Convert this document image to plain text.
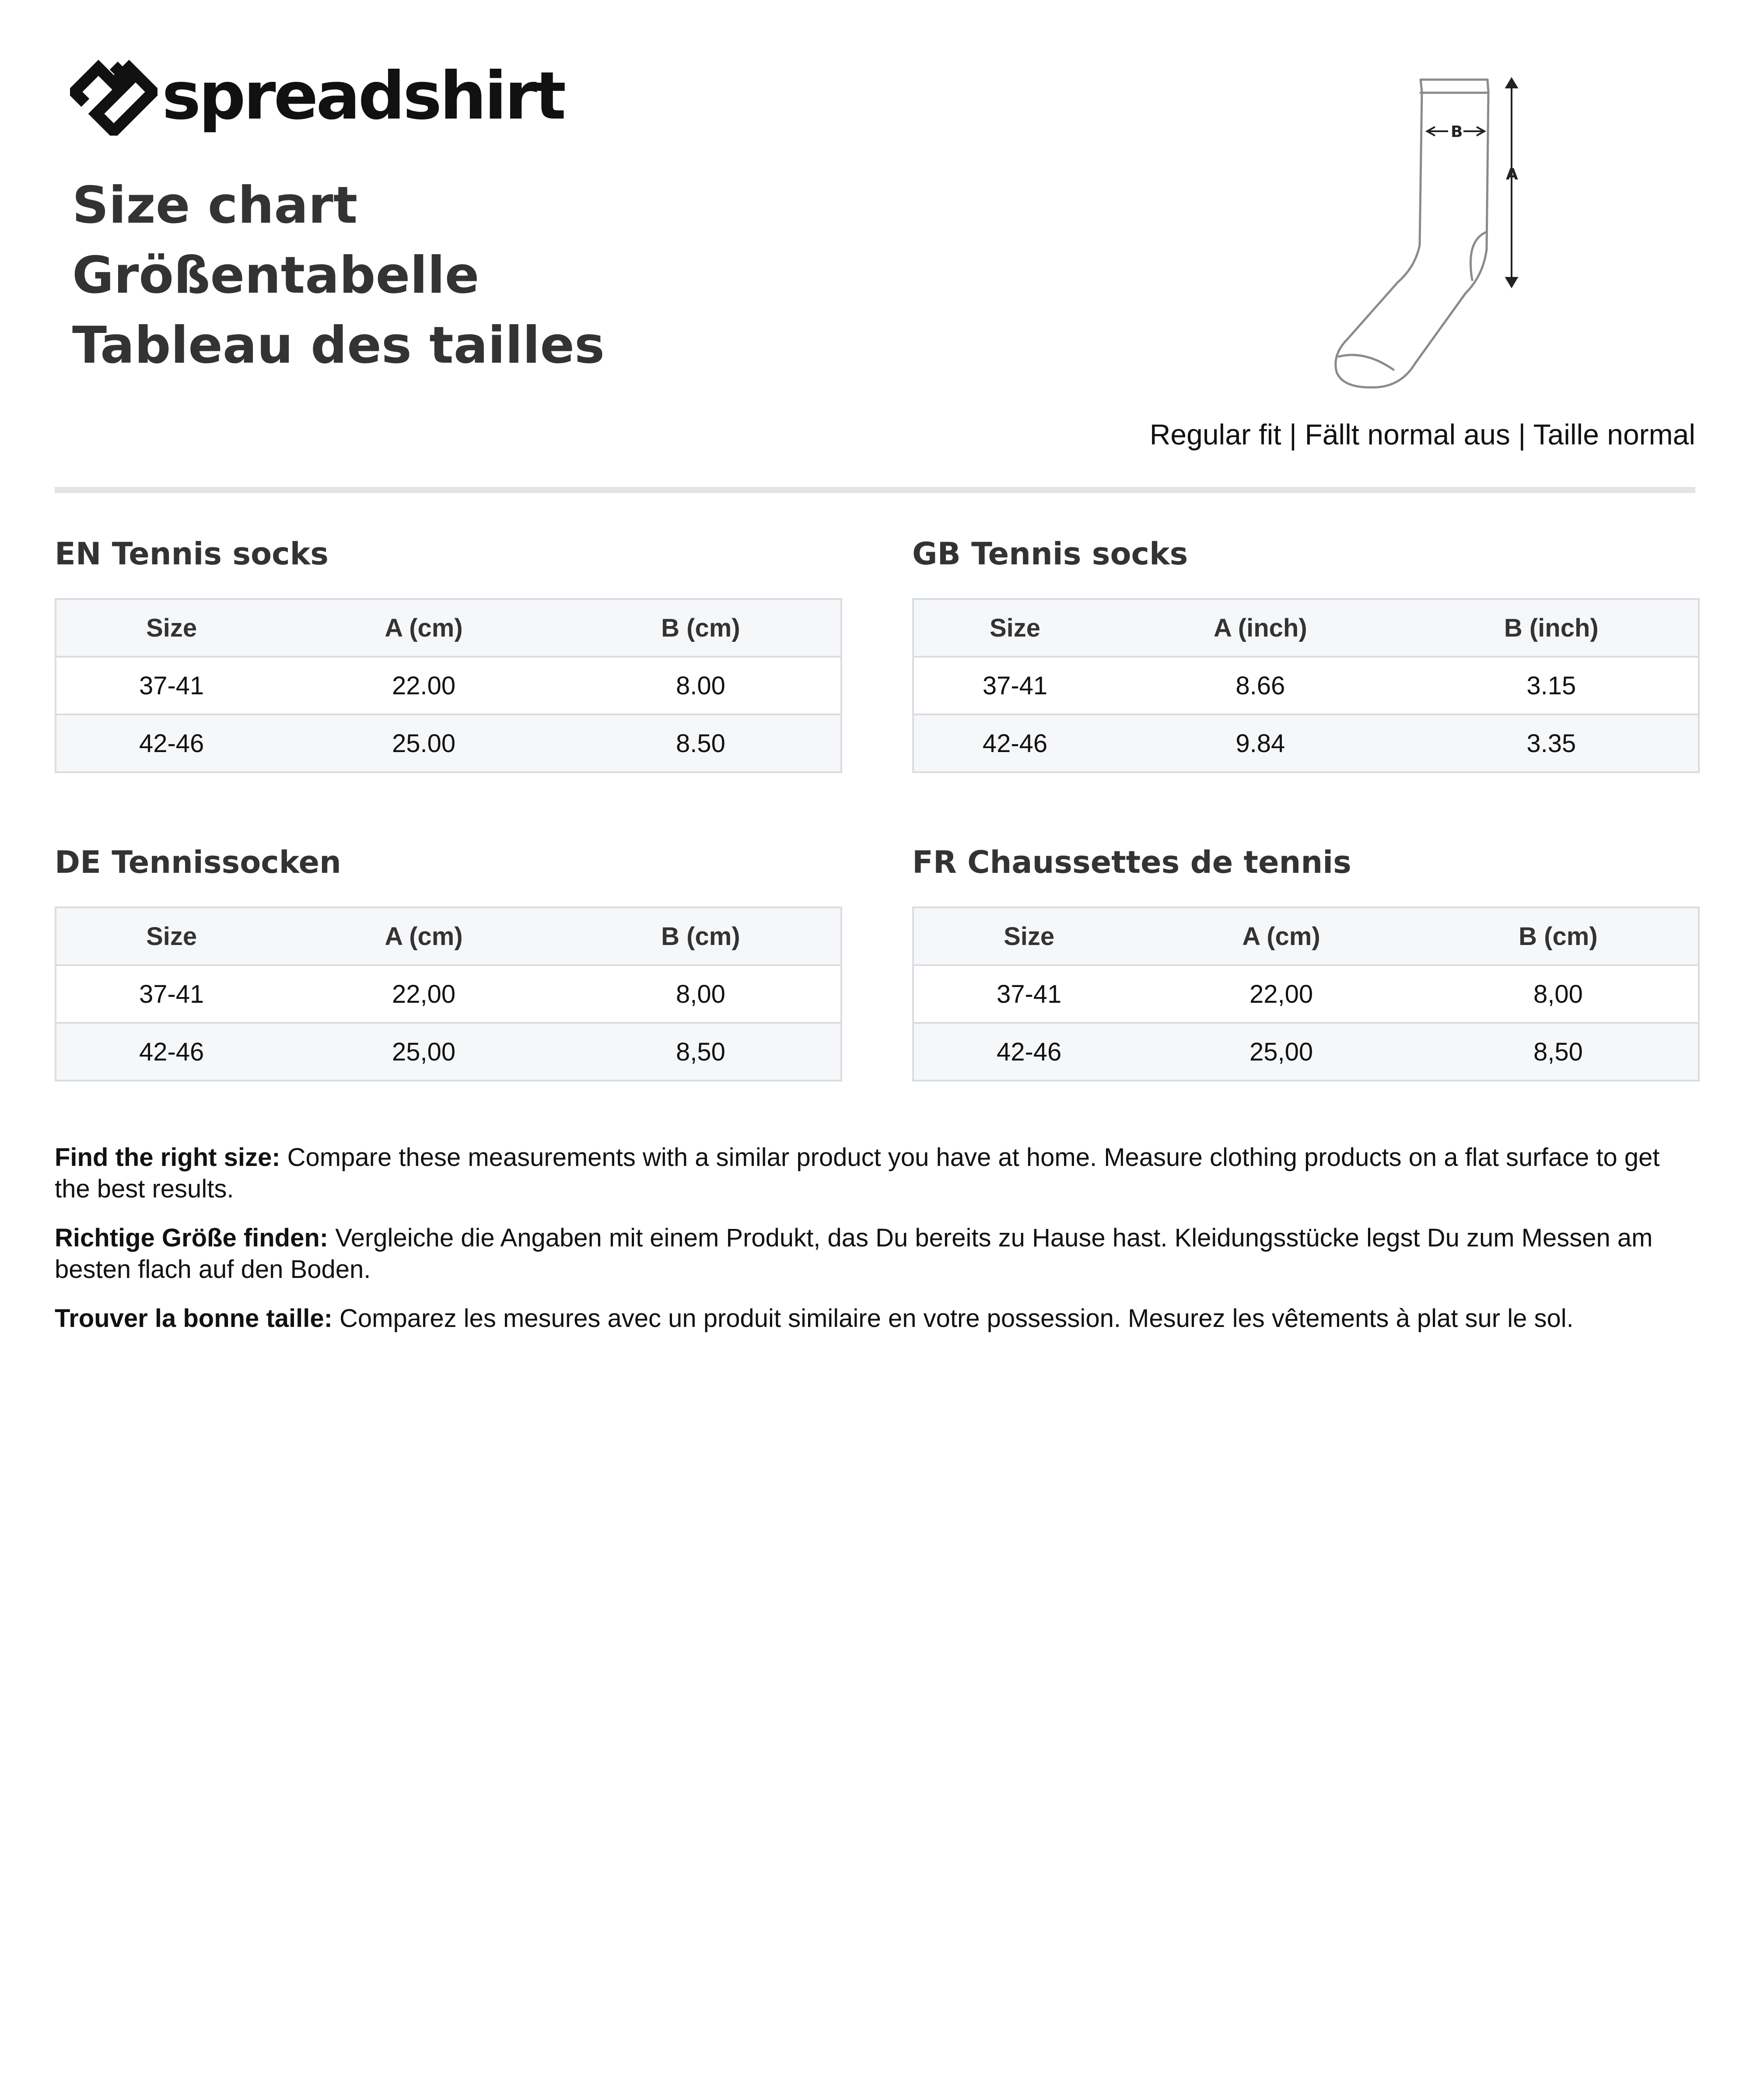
spreadshirt
Size chart
Größentabelle
Tableau des tailles
A
B
Regular fit | Fällt normal aus | Taille normal
EN Tennis socks
Size	A (cm)	B (cm)
37-41	22.00	8.00
42-46	25.00	8.50
GB Tennis socks
Size	A (inch)	B (inch)
37-41	8.66	3.15
42-46	9.84	3.35
DE Tennissocken
Size	A (cm)	B (cm)
37-41	22,00	8,00
42-46	25,00	8,50
FR Chaussettes de tennis
Size	A (cm)	B (cm)
37-41	22,00	8,00
42-46	25,00	8,50

Find the right size: Compare these measurements with a similar product you have at home. Measure clothing products on a flat surface to get the best results.

Richtige Größe finden: Vergleiche die Angaben mit einem Produkt, das Du bereits zu Hause hast. Kleidungsstücke legst Du zum Messen am besten flach auf den Boden.

Trouver la bonne taille: Comparez les mesures avec un produit similaire en votre possession. Mesurez les vêtements à plat sur le sol.
